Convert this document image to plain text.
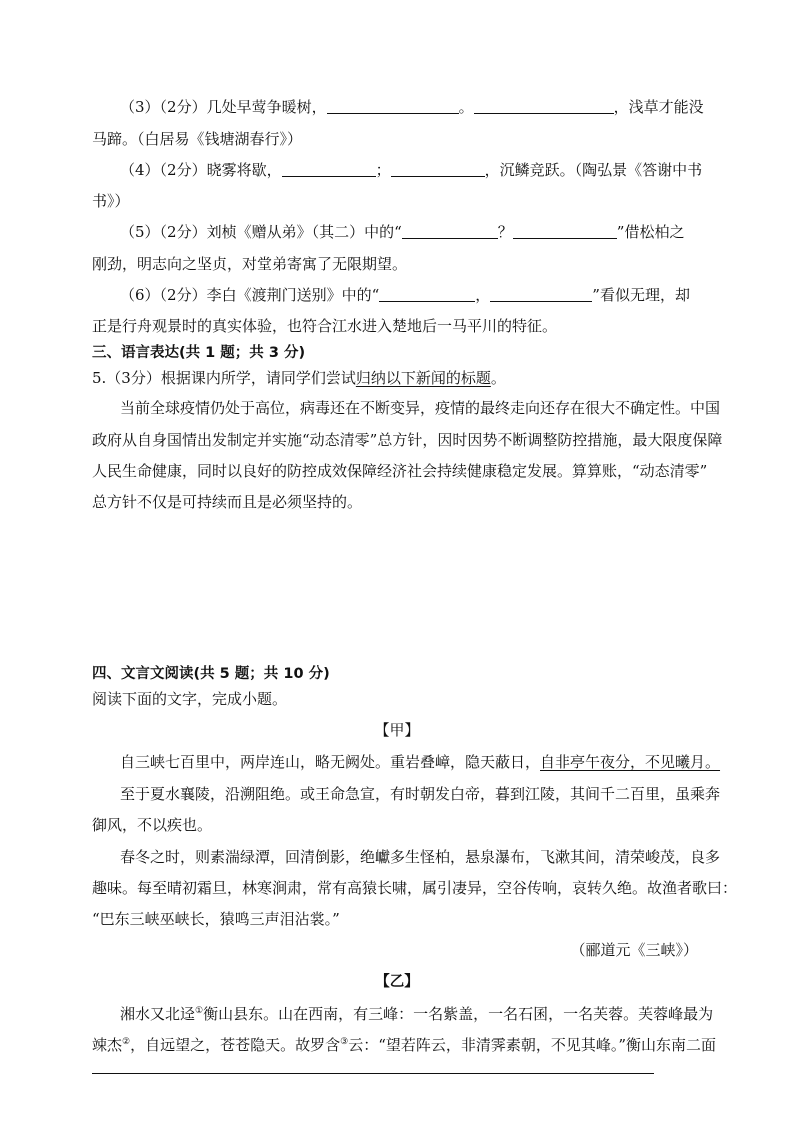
（3）（2分）几处早莺争暖树，	。	，浅草才能没
马蹄。（白居易《钱塘湖春行》）
（4）（2分）晓雾将歇，	；	，沉鳞竞跃。（陶弘景《答谢中书
书》）
（5）（2分）刘桢《赠从弟》（其二）中的“	？	”借松柏之
刚劲，明志向之坚贞，对堂弟寄寓了无限期望。
（6）（2分）李白《渡荆门送别》中的“	，	”看似无理，却
正是行舟观景时的真实体验，也符合江水进入楚地后一马平川的特征。
三、语言表达(共 1 题；共 3 分)
5.（3分）根据课内所学，请同学们尝试归纳以下新闻的标题。
当前全球疫情仍处于高位，病毒还在不断变异，疫情的最终走向还存在很大不确定性。中国
政府从自身国情出发制定并实施“动态清零”总方针，因时因势不断调整防控措施，最大限度保障
人民生命健康，同时以良好的防控成效保障经济社会持续健康稳定发展。算算账，“动态清零”
总方针不仅是可持续而且是必须坚持的。
四、文言文阅读(共 5 题；共 10 分)
阅读下面的文字，完成小题。
【甲】
自三峡七百里中，两岸连山，略无阙处。重岩叠嶂，隐天蔽日，自非亭午夜分，不见曦月。
至于夏水襄陵，沿溯阻绝。或王命急宣，有时朝发白帝，暮到江陵，其间千二百里，虽乘奔
御风，不以疾也。
春冬之时，则素湍绿潭，回清倒影，绝巘多生怪柏，悬泉瀑布，飞漱其间，清荣峻茂，良多
趣味。每至晴初霜旦，林寒涧肃，常有高猿长啸，属引凄异，空谷传响，哀转久绝。故渔者歌曰：
“巴东三峡巫峡长，猿鸣三声泪沾裳。”
（郦道元《三峡》）
【乙】
湘水又北迳①衡山县东。山在西南，有三峰：一名紫盖，一名石囷，一名芙蓉。芙蓉峰最为
竦杰②，自远望之，苍苍隐天。故罗含③云：“望若阵云，非清霁素朝，不见其峰。”衡山东南二面
